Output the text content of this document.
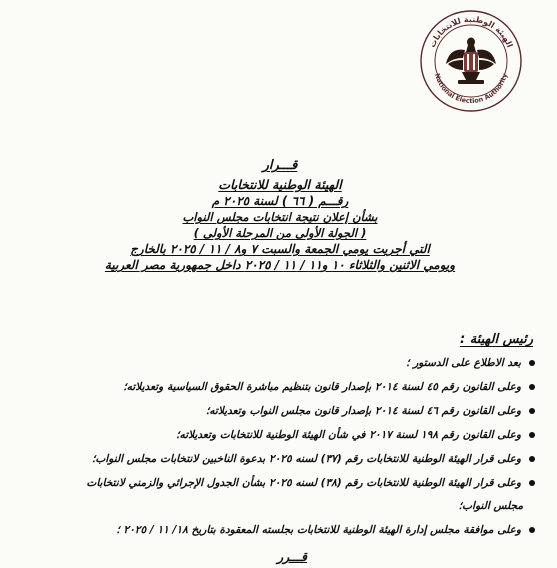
الهيئة الوطنية للانتخابات
National Election Authority
قـــرار
الهيئة الوطنية للانتخابات
رقـــم ( ٦٦ ) لسنة ٢٠٢٥ م
بشأن إعلان نتيجة انتخابات مجلس النواب
( الجولة الأولى من المرحلة الأولى )
التي أجريت يومي الجمعة والسبت ٧ و٨ / ١١ / ٢٠٢٥ بالخارج
ويومي الاثنين والثلاثاء ١٠ و١١ / ١١ / ٢٠٢٥ داخل جمهورية مصر العربية
رئيس الهيئة :
بعد الاطلاع على الدستور ؛
وعلى القانون رقم ٤٥ لسنة ٢٠١٤ بإصدار قانون بتنظيم مباشرة الحقوق السياسية وتعديلاته؛
وعلى القانون رقم ٤٦ لسنة ٢٠١٤ بإصدار قانون مجلس النواب وتعديلاته؛
وعلى القانون رقم ١٩٨ لسنة ٢٠١٧ في شأن الهيئة الوطنية للانتخابات وتعديلاته؛
وعلى قرار الهيئة الوطنية للانتخابات رقم (٣٧) لسنه ٢٠٢٥ بدعوة الناخبين لانتخابات مجلس النواب؛
وعلى قرار الهيئة الوطنية للانتخابات رقم (٣٨) لسنه ٢٠٢٥ بشأن الجدول الإجرائي والزمني لانتخابات
مجلس النواب؛
وعلى موافقة مجلس إدارة الهيئة الوطنية للانتخابات بجلسته المعقودة بتاريخ ١٨/ ١١ / ٢٠٢٥ ؛
قـــرر
